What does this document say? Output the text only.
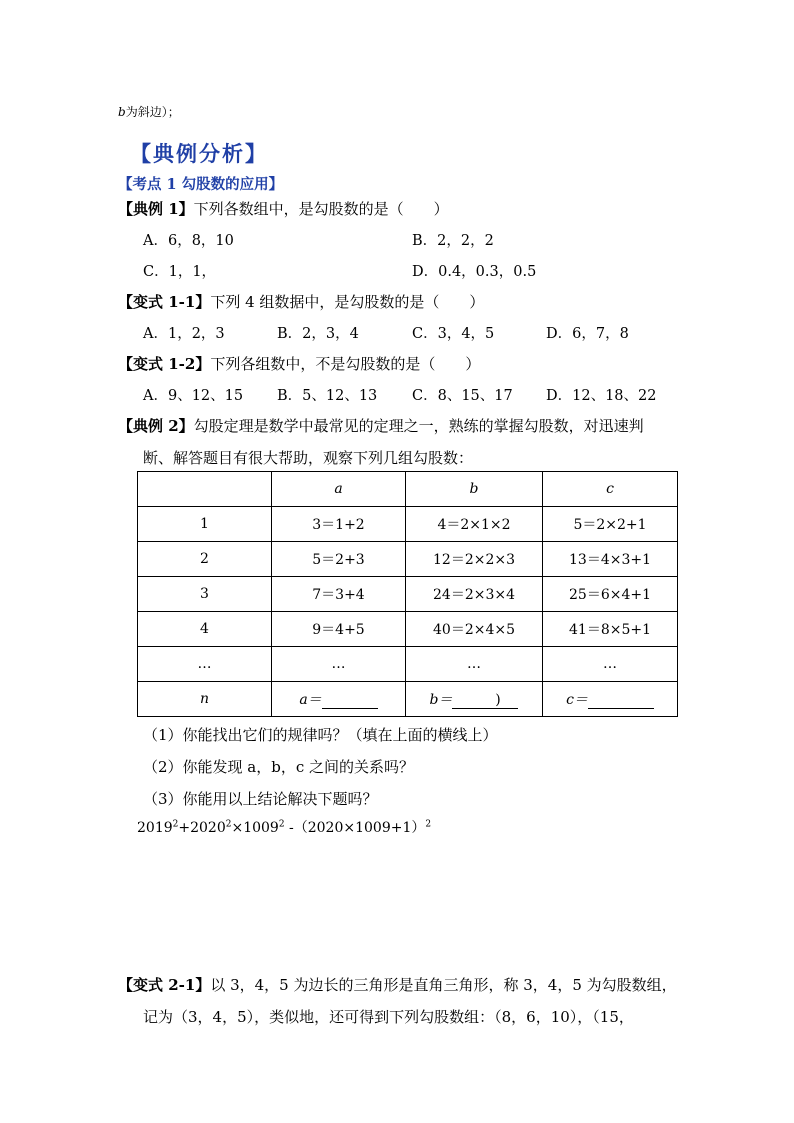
b为斜边）；
【典例分析】
【考点 1 勾股数的应用】
【典例 1】下列各数组中，是勾股数的是（　　）
A．6，8，10	B．2，2，2
C．1，1，	D．0.4，0.3，0.5
【变式 1-1】下列 4 组数据中，是勾股数的是（　　）
A．1，2，3	B．2，3，4	C．3，4，5	D．6，7，8
【变式 1-2】下列各组数中，不是勾股数的是（　　）
A．9、12、15 B．5、12、13 C．8、15、17 D．12、18、22
【典例 2】勾股定理是数学中最常见的定理之一，熟练的掌握勾股数，对迅速判
断、解答题目有很大帮助，观察下列几组勾股数：
	a	b	c
1	3＝1+2	4＝2×1×2	5＝2×2+1
2	5＝2+3	12＝2×2×3	13＝4×3+1
3	7＝3+4	24＝2×3×4	25＝6×4+1
4	9＝4+5	40＝2×4×5	41＝8×5+1
…	…	…	…
n	a＝	b＝ )	c＝
（1）你能找出它们的规律吗？（填在上面的横线上）
（2）你能发现 a，b，c 之间的关系吗？
（3）你能用以上结论解决下题吗？
$2019^2+2020^2\times 1009^2$ $-(2020\times 1009+1)^2$
【变式 2-1】以 3，4，5 为边长的三角形是直角三角形，称 3，4，5 为勾股数组，
记为（3，4，5），类似地，还可得到下列勾股数组：（8，6，10），（15，
